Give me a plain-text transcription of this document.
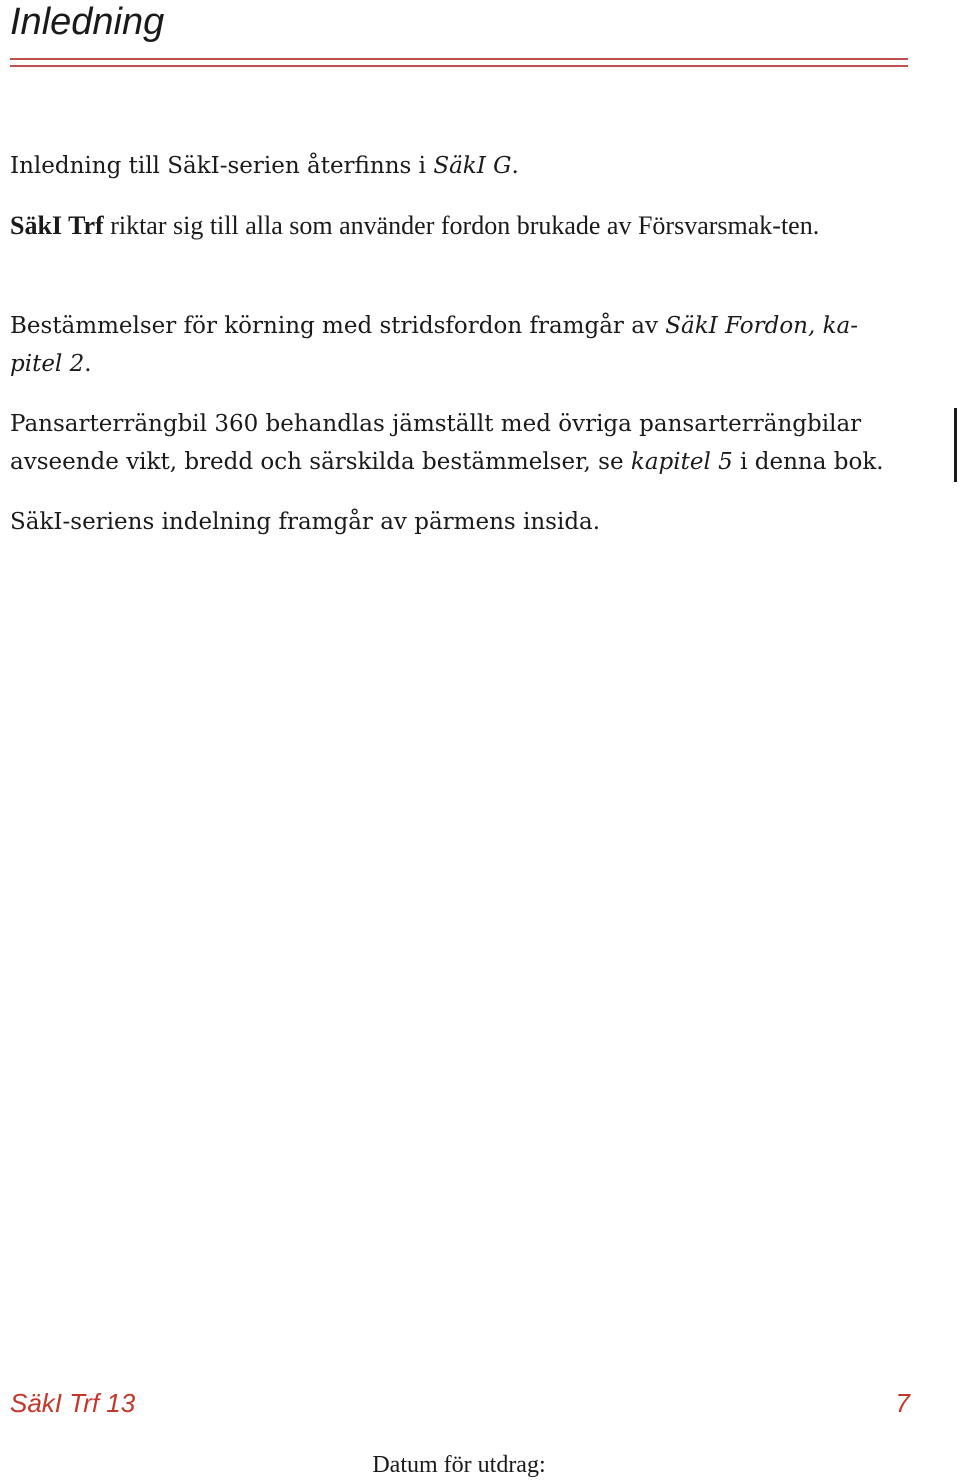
Inledning

Inledning till SäkI-serien återfinns i SäkI G.

SäkI Trf riktar sig till alla som använder fordon brukade av Försvarsmak-ten.

Bestämmelser för körning med stridsfordon framgår av SäkI Fordon, ka-pitel 2.

Pansarterrängbil 360 behandlas jämställt med övriga pansarterrängbilar avseende vikt, bredd och särskilda bestämmelser, se kapitel 5 i denna bok.

SäkI-seriens indelning framgår av pärmens insida.

SäkI Trf 13	7
Datum för utdrag:
